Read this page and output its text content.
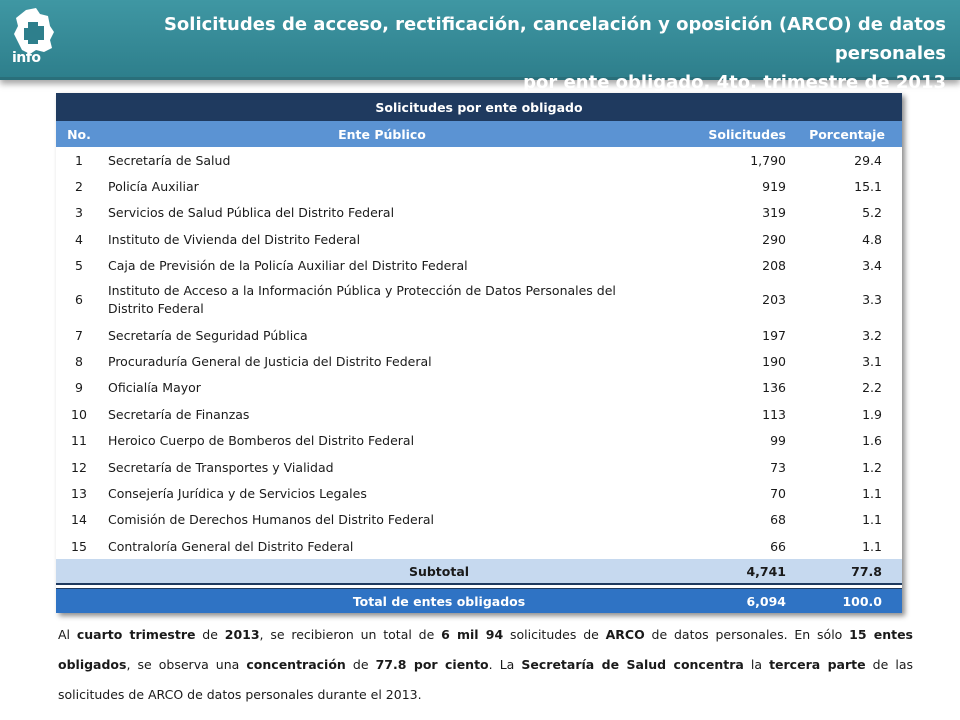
info
Solicitudes de acceso, rectificación, cancelación y oposición (ARCO) de datos personales
por ente obligado, 4to. trimestre de 2013
Solicitudes por ente obligado			
No.	Ente Público	Solicitudes	Porcentaje
1	Secretaría de Salud	1,790	29.4
2	Policía Auxiliar	919	15.1
3	Servicios de Salud Pública del Distrito Federal	319	5.2
4	Instituto de Vivienda del Distrito Federal	290	4.8
5	Caja de Previsión de la Policía Auxiliar del Distrito Federal	208	3.4
6	Instituto de Acceso a la Información Pública y Protección de Datos Personales del Distrito Federal	203	3.3
7	Secretaría de Seguridad Pública	197	3.2
8	Procuraduría General de Justicia del Distrito Federal	190	3.1
9	Oficialía Mayor	136	2.2
10	Secretaría de Finanzas	113	1.9
11	Heroico Cuerpo de Bomberos del Distrito Federal	99	1.6
12	Secretaría de Transportes y Vialidad	73	1.2
13	Consejería Jurídica y de Servicios Legales	70	1.1
14	Comisión de Derechos Humanos del Distrito Federal	68	1.1
15	Contraloría General del Distrito Federal	66	1.1
	Subtotal	4,741	77.8

	Total de entes obligados	6,094	100.0

Al cuarto trimestre de 2013, se recibieron un total de 6 mil 94 solicitudes de ARCO de datos personales. En sólo 15 entes obligados, se observa una concentración de 77.8 por ciento. La Secretaría de Salud concentra la tercera parte de las solicitudes de ARCO de datos personales durante el 2013.
